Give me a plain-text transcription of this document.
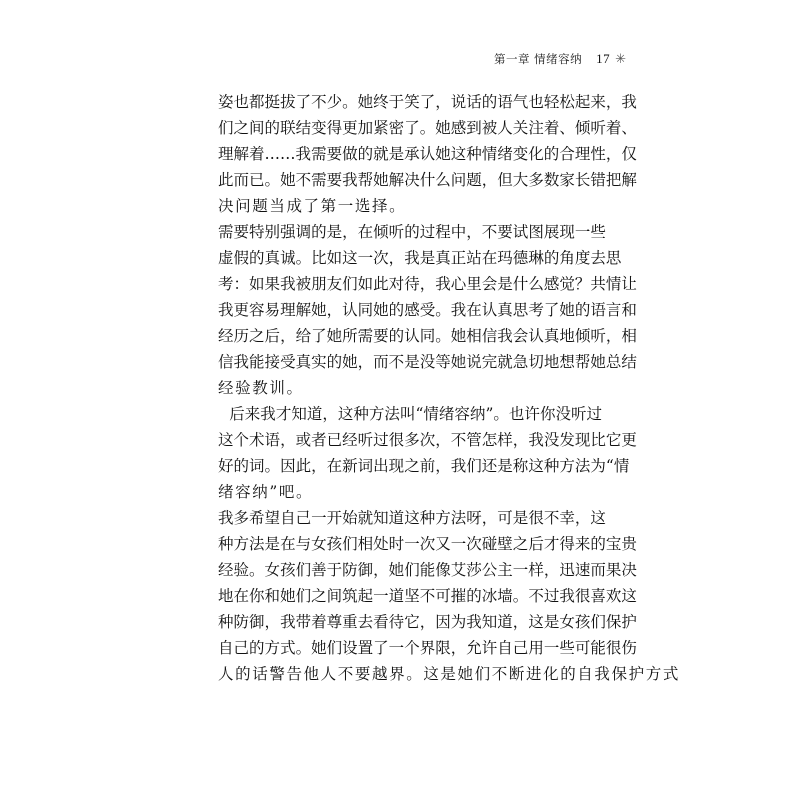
第一章 情绪容纳 17 ✳
姿 也 都 挺 拔 了 不 少 。 她 终 于 笑 了 ， 说 话 的 语 气 也 轻 松 起 来 ， 我
们 之 间 的 联 结 变 得 更 加 紧 密 了 。 她 感 到 被 人 关 注 着 、 倾 听 着 、
理 解 着 … … 我 需 要 做 的 就 是 承 认 她 这 种 情 绪 变 化 的 合 理 性 ， 仅
此 而 已 。 她 不 需 要 我 帮 她 解 决 什 么 问 题 ， 但 大 多 数 家 长 错 把 解
决 问 题 当 成 了 第 一 选 择 。
需 要 特 别 强 调 的 是 ， 在 倾 听 的 过 程 中 ， 不 要 试 图 展 现 一 些
虚 假 的 真 诚 。 比 如 这 一 次 ， 我 是 真 正 站 在 玛 德 琳 的 角 度 去 思
考 ： 如 果 我 被 朋 友 们 如 此 对 待 ， 我 心 里 会 是 什 么 感 觉 ？ 共 情 让
我 更 容 易 理 解 她 ， 认 同 她 的 感 受 。 我 在 认 真 思 考 了 她 的 语 言 和
经 历 之 后 ， 给 了 她 所 需 要 的 认 同 。 她 相 信 我 会 认 真 地 倾 听 ， 相
信 我 能 接 受 真 实 的 她 ， 而 不 是 没 等 她 说 完 就 急 切 地 想 帮 她 总 结
经 验 教 训 。
后 来 我 才 知 道 ， 这 种 方 法 叫 “ 情 绪 容 纳 ” 。 也 许 你 没 听 过
这 个 术 语 ， 或 者 已 经 听 过 很 多 次 ， 不 管 怎 样 ， 我 没 发 现 比 它 更
好 的 词 。 因 此 ， 在 新 词 出 现 之 前 ， 我 们 还 是 称 这 种 方 法 为 “ 情
绪 容 纳 ” 吧 。
我 多 希 望 自 己 一 开 始 就 知 道 这 种 方 法 呀 ， 可 是 很 不 幸 ， 这
种 方 法 是 在 与 女 孩 们 相 处 时 一 次 又 一 次 碰 壁 之 后 才 得 来 的 宝 贵
经 验 。 女 孩 们 善 于 防 御 ， 她 们 能 像 艾 莎 公 主 一 样 ， 迅 速 而 果 决
地 在 你 和 她 们 之 间 筑 起 一 道 坚 不 可 摧 的 冰 墙 。 不 过 我 很 喜 欢 这
种 防 御 ， 我 带 着 尊 重 去 看 待 它 ， 因 为 我 知 道 ， 这 是 女 孩 们 保 护
自 己 的 方 式 。 她 们 设 置 了 一 个 界 限 ， 允 许 自 己 用 一 些 可 能 很 伤
人 的 话 警 告 他 人 不 要 越 界 。 这 是 她 们 不 断 进 化 的 自 我 保 护 方 式
